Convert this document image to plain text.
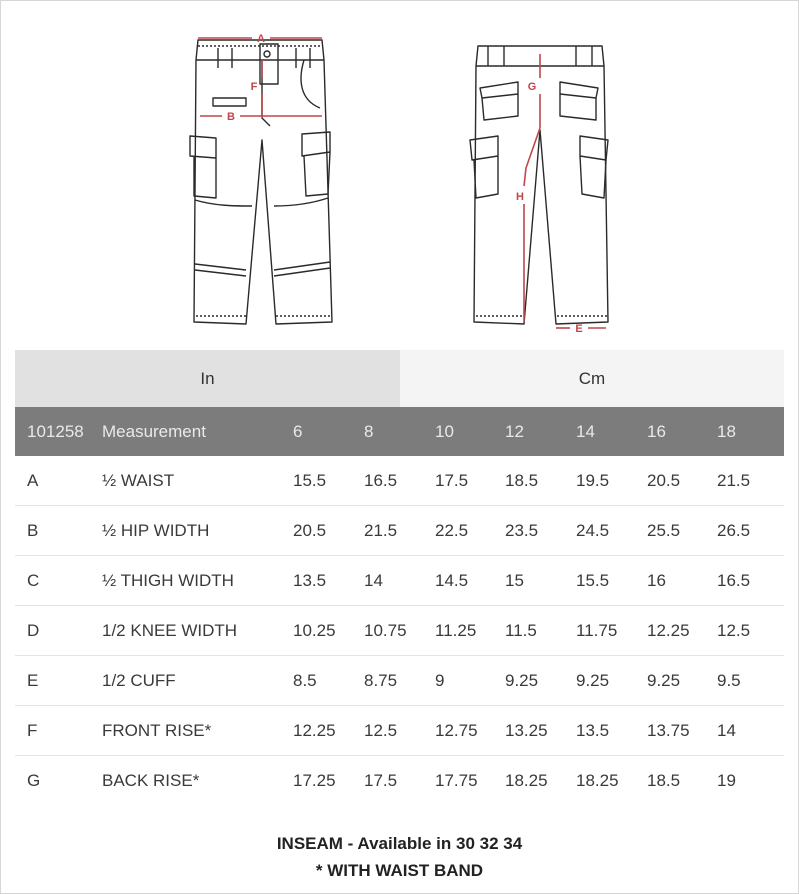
A
B
F	G
H
E
In	Cm
101258	Measurement	6	8	10	12	14	16	18
A	½ WAIST	15.5	16.5	17.5	18.5	19.5	20.5	21.5
B	½ HIP WIDTH	20.5	21.5	22.5	23.5	24.5	25.5	26.5
C	½ THIGH WIDTH	13.5	14	14.5	15	15.5	16	16.5
D	1/2 KNEE WIDTH	10.25	10.75	11.25	11.5	11.75	12.25	12.5
E	1/2 CUFF	8.5	8.75	9	9.25	9.25	9.25	9.5
F	FRONT RISE*	12.25	12.5	12.75	13.25	13.5	13.75	14
G	BACK RISE*	17.25	17.5	17.75	18.25	18.25	18.5	19
INSEAM - Available in 30 32 34
* WITH WAIST BAND
